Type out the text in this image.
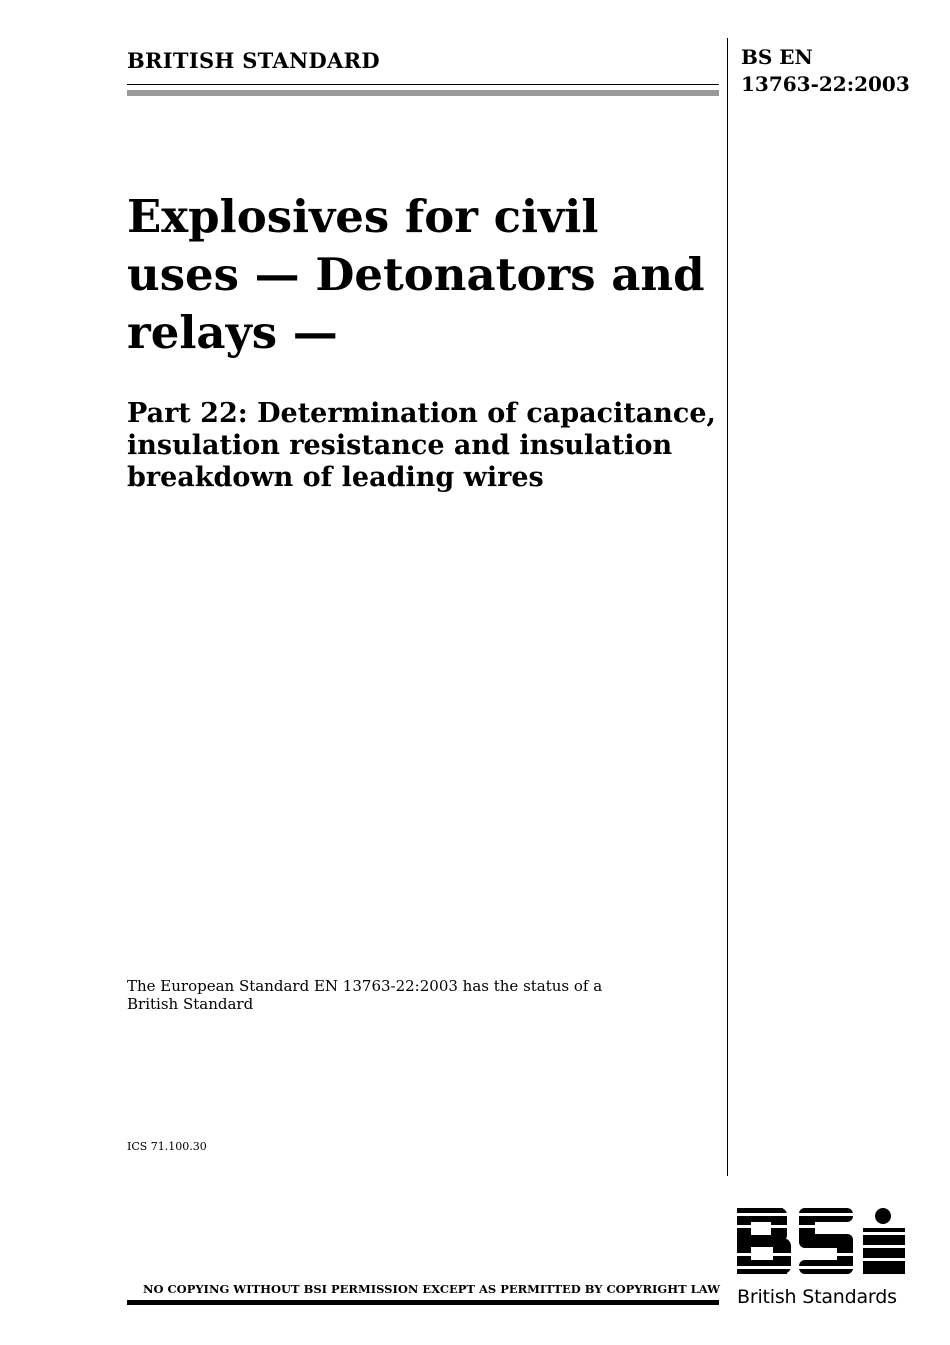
BRITISH STANDARD	BS EN
13763-22:2003
Explosives for civil
uses — Detonators and
relays —
Part 22: Determination of capacitance,
insulation resistance and insulation
breakdown of leading wires
The European Standard EN 13763-22:2003 has the status of a
British Standard
ICS 71.100.30
NO COPYING WITHOUT BSI PERMISSION EXCEPT AS PERMITTED BY COPYRIGHT LAW British Standards
